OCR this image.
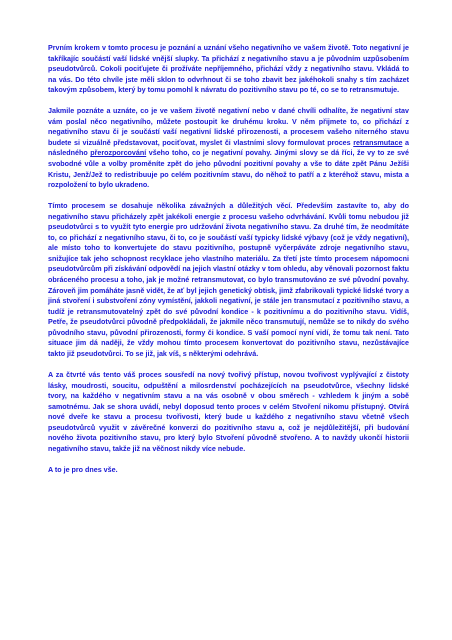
Prvním krokem v tomto procesu je poznání a uznání všeho negativního ve vašem životě. Toto negativní je takříkajíc součástí vaší lidské vnější slupky. Ta přichází z negativního stavu a je původním uzpůsobením pseudotvůrců. Cokoli pociťujete či prožíváte nepříjemného, přichází vždy z negativního stavu. Vkládá to na vás. Do této chvíle jste měli sklon to odvrhnout či se toho zbavit bez jakéhokoli snahy s tím zacházet takovým způsobem, který by tomu pomohl k návratu do pozitivního stavu po té, co se to retransmutuje.

Jakmile poznáte a uznáte, co je ve vašem životě negativní nebo v dané chvíli odhalíte, že negativní stav vám poslal něco negativního, můžete postoupit ke druhému kroku. V něm přijmete to, co přichází z negativního stavu či je součástí vaší negativní lidské přirozenosti, a procesem vašeho niterného stavu budete si vizuálně představovat, pociťovat, myslet či vlastními slovy formulovat proces retransmutace a následného přerozporcování všeho toho, co je negativní povahy. Jinými slovy se dá říci, že vy to ze své svobodné vůle a volby proměníte zpět do jeho původní pozitivní povahy a vše to dáte zpět Pánu Ježíši Kristu, Jenž/Jež to redistribuuje po celém pozitivním stavu, do něhož to patří a z kteréhož stavu, mista a rozpoložení to bylo ukradeno.

Tímto procesem se dosahuje několika závažných a důležitých věcí. Především zastavíte to, aby do negativního stavu přicházely zpět jakékoli energie z procesu vašeho odvrhávání. Kvůli tomu nebudou již pseudotvůrci s to využít tyto energie pro udržování života negativního stavu. Za druhé tím, že neodmítáte to, co přichází z negativního stavu, či to, co je součástí vaší typicky lidské výbavy (což je vždy negativní), ale místo toho to konvertujete do stavu pozitivního, postupně vyčerpáváte zdroje negativního stavu, snižujíce tak jeho schopnost recyklace jeho vlastního materiálu. Za třetí jste tímto procesem nápomocni pseudotvůrcům při získávání odpovědí na jejich vlastní otázky v tom ohledu, aby věnovali pozornost faktu obráceného procesu a toho, jak je možné retransmutovat, co bylo transmutováno ze své původní povahy. Zároveň jim pomáháte jasně vidět, že ať byl jejich genetický obtisk, jimž zfabrikovali typické lidské tvory a jiná stvoření i substvoření zóny vymístění, jakkoli negativní, je stále jen transmutací z pozitivního stavu, a tudíž je retransmutovatelný zpět do své původní kondice - k pozitivnímu a do pozitivního stavu. Vidíš, Petře, že pseudotvůrci původně předpokládali, že jakmile něco transmutují, nemůže se to nikdy do svého původního stavu, původní přirozenosti, formy či kondice. S vaší pomocí nyní vidí, že tomu tak není. Tato situace jim dá naději, že vždy mohou tímto procesem konvertovat do pozitivního stavu, nezůstávajíce takto již pseudotvůrci. To se již, jak víš, s některými odehrává.

A za čtvrté vás tento váš proces sousředí na nový tvořivý přístup, novou tvořivost vyplývající z čistoty lásky, moudrosti, soucitu, odpuštění a milosrdenství pocházejících na pseudotvůrce, všechny lidské tvory, na každého v negativním stavu a na vás osobně v obou směrech - vzhledem k jiným a sobě samotnému. Jak se shora uvádí, nebyl doposud tento proces v celém Stvoření nikomu přístupný. Otvírá nové dveře ke stavu a procesu tvořivosti, který bude u každého z negativního stavu včetně všech pseudotvůrců využit v závěrečné konverzi do pozitivního stavu a, což je nejdůležitější, při budování nového života pozitivního stavu, pro který bylo Stvoření původně stvořeno. A to navždy ukončí historii negativního stavu, takže již na věčnost nikdy více nebude.

A to je pro dnes vše.
